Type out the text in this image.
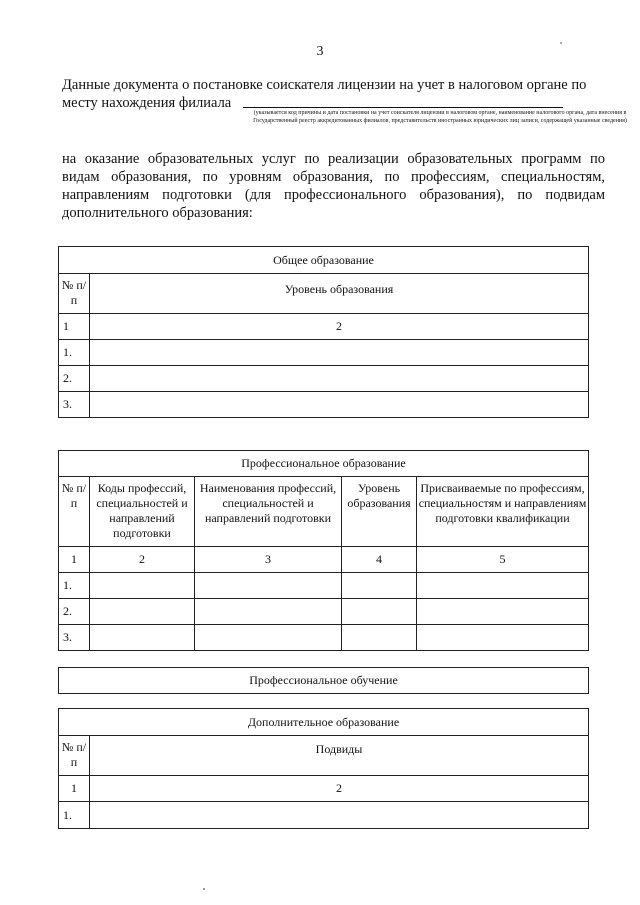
3
Данные документа о постановке соискателя лицензии на учет в налоговом органе по
месту нахождения филиала
(указывается код причины и дата постановки на учет соискателя лицензии в налоговом органе, наименование налогового органа, дата внесения в Государственный реестр аккредитованных филиалов, представительств иностранных юридических лиц записи, содержащей указанные сведения)
на оказание образовательных услуг по реализации образовательных программ по видам образования, по уровням образования, по профессиям, специальностям, направлениям подготовки (для профессионального образования), по подвидам дополнительного образования:
Общее образование	
№ п/п	Уровень образования
1	2
1.	
2.	
3.	
Профессиональное образование				
№ п/п	Коды профессий, специальностей и направлений подготовки	Наименования профессий, специальностей и направлений подготовки	Уровень образования	Присваиваемые по профессиям, специальностям и направлениям подготовки квалификации
1	2	3	4	5
1.				
2.				
3.				
Профессиональное обучение
Дополнительное образование	
№ п/п	Подвиды
1	2
1.	
